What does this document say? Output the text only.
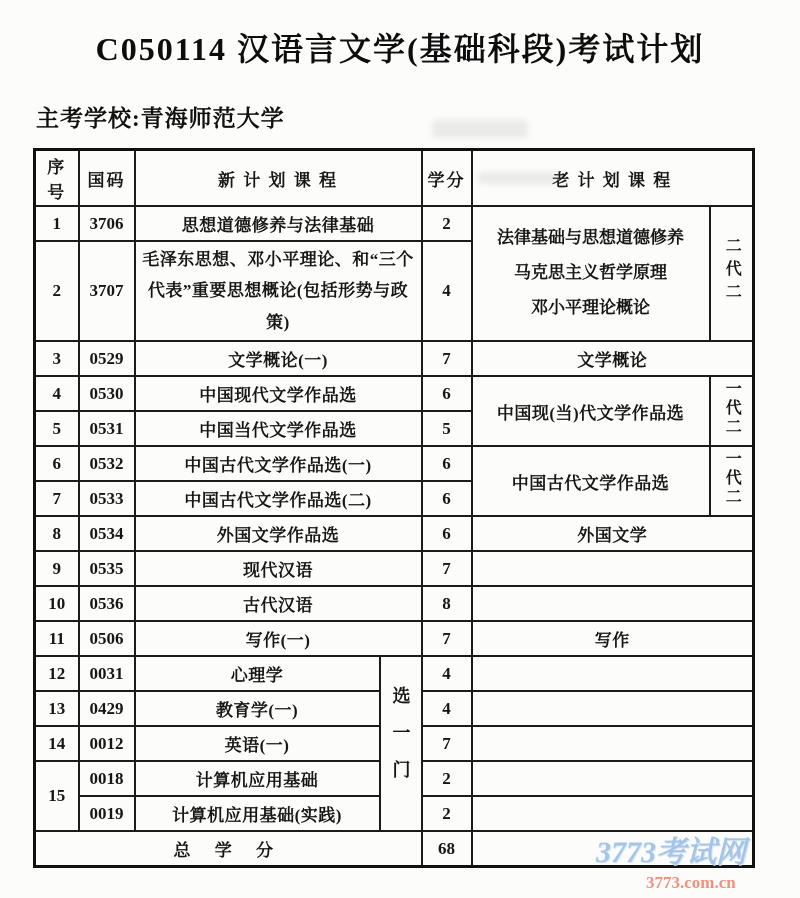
C050114 汉语言文学(基础科段)考试计划
主考学校:青海师范大学
序号	国码	新 计 划 课 程		学分	老 计 划 课 程	
1	3706	思想道德修养与法律基础		2	法律基础与思想道德修养
马克思主义哲学原理
邓小平理论概论	二代二
2	3707	毛泽东思想、邓小平理论、和“三个代表”重要思想概论(包括形势与政策)		4		
3	0529	文学概论(一)		7	文学概论	
4	0530	中国现代文学作品选		6	中国现(当)代文学作品选	一代二
5	0531	中国当代文学作品选		5		
6	0532	中国古代文学作品选(一)		6	中国古代文学作品选	一代二
7	0533	中国古代文学作品选(二)		6		
8	0534	外国文学作品选		6	外国文学	
9	0535	现代汉语		7		
10	0536	古代汉语		8		
11	0506	写作(一)		7	写作	
12	0031	心理学	选一门	4		
13	0429	教育学(一)		4		
14	0012	英语(一)		7		
15	0018	计算机应用基础		2		
	0019	计算机应用基础(实践)		2		
总 学 分				68			3773考试网
3773.com.cn
